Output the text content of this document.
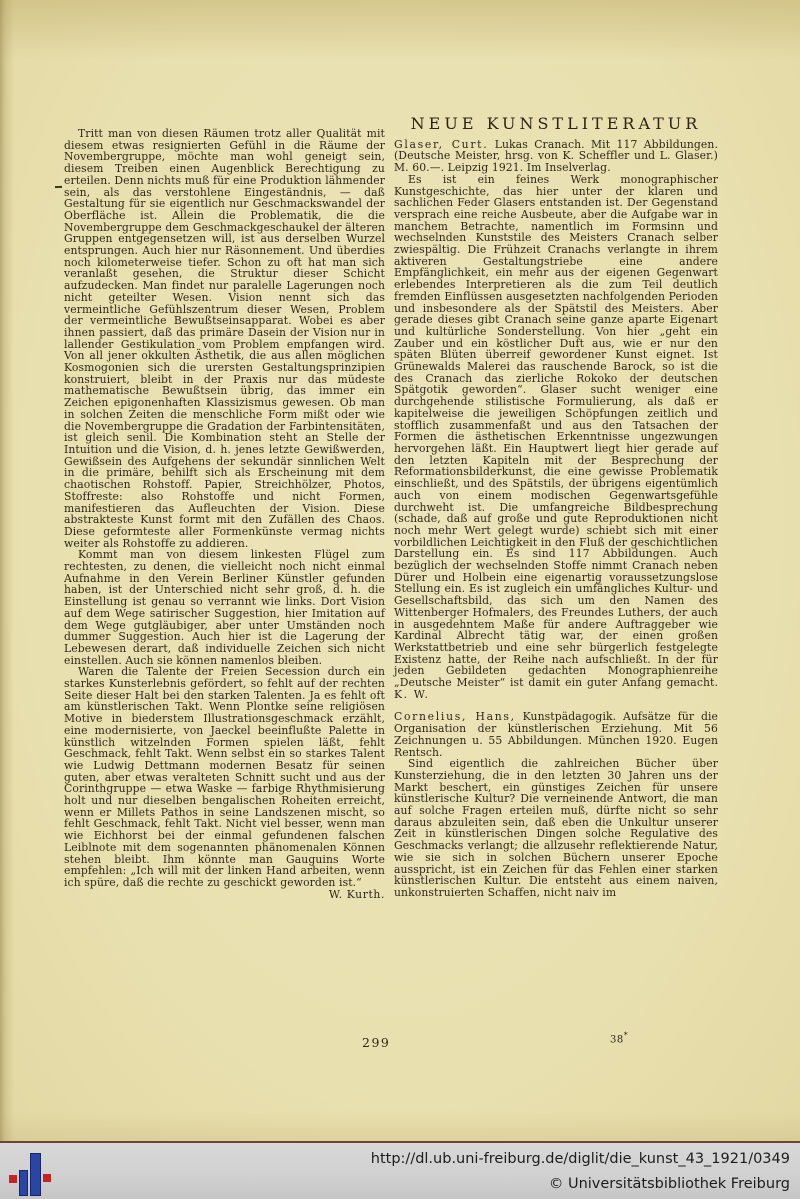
Tritt man von diesen Räumen trotz aller Qualität mit diesem etwas resignierten Gefühl in die Räume der Novembergruppe, möchte man wohl geneigt sein, diesem Treiben einen Augenblick Berechtigung zu erteilen. Denn nichts muß für eine Produktion lähmender sein, als das verstohlene Eingeständnis, — daß Gestaltung für sie eigentlich nur Geschmackswandel der Oberfläche ist. Allein die Problematik, die die Novembergruppe dem Geschmackgeschaukel der älteren Gruppen entgegensetzen will, ist aus derselben Wurzel entsprungen. Auch hier nur Räsonnement. Und überdies noch kilometerweise tiefer. Schon zu oft hat man sich veranlaßt gesehen, die Struktur dieser Schicht aufzudecken. Man findet nur paralelle Lagerungen noch nicht geteilter Wesen. Vision nennt sich das vermeintliche Gefühlszentrum dieser Wesen, Problem der vermeintliche Bewußtseinsapparat. Wobei es aber ihnen passiert, daß das primäre Dasein der Vision nur in lallender Gestikulation vom Problem empfangen wird. Von all jener okkulten Ästhetik, die aus allen möglichen Kosmogonien sich die urersten Gestaltungsprinzipien konstruiert, bleibt in der Praxis nur das müdeste mathematische Bewußtsein übrig, das immer ein Zeichen epigonenhaften Klassizismus gewesen. Ob man in solchen Zeiten die menschliche Form mißt oder wie die Novembergruppe die Gradation der Farbintensitäten, ist gleich senil. Die Kombination steht an Stelle der Intuition und die Vision, d. h. jenes letzte Gewißwerden, Gewißsein des Aufgehens der sekundär sinnlichen Welt in die primäre, behilft sich als Erscheinung mit dem chaotischen Rohstoff. Papier, Streichhölzer, Photos, Stoffreste: also Rohstoffe und nicht Formen, manifestieren das Aufleuchten der Vision. Diese abstrakteste Kunst formt mit den Zufällen des Chaos. Diese geformteste aller Formenkünste vermag nichts weiter als Rohstoffe zu addieren.

Kommt man von diesem linkesten Flügel zum rechtesten, zu denen, die vielleicht noch nicht einmal Aufnahme in den Verein Berliner Künstler gefunden haben, ist der Unterschied nicht sehr groß, d. h. die Einstellung ist genau so verrannt wie links. Dort Vision auf dem Wege satirischer Suggestion, hier Imitation auf dem Wege gutgläubiger, aber unter Umständen noch dummer Suggestion. Auch hier ist die Lagerung der Lebewesen derart, daß individuelle Zeichen sich nicht einstellen. Auch sie können namenlos bleiben.

Waren die Talente der Freien Secession durch ein starkes Kunsterlebnis gefördert, so fehlt auf der rechten Seite dieser Halt bei den starken Talenten. Ja es fehlt oft am künstlerischen Takt. Wenn Plontke seine religiösen Motive in biederstem Illustrationsgeschmack erzählt, eine modernisierte, von Jaeckel beeinflußte Palette in künstlich witzelnden Formen spielen läßt, fehlt Geschmack, fehlt Takt. Wenn selbst ein so starkes Talent wie Ludwig Dettmann modernen Besatz für seinen guten, aber etwas veralteten Schnitt sucht und aus der Corinthgruppe — etwa Waske — farbige Rhythmisierung holt und nur dieselben bengalischen Roheiten erreicht, wenn er Millets Pathos in seine Landszenen mischt, so fehlt Geschmack, fehlt Takt. Nicht viel besser, wenn man wie Eichhorst bei der einmal gefundenen falschen Leiblnote mit dem sogenannten phänomenalen Können stehen bleibt. Ihm könnte man Gauguins Worte empfehlen: „Ich will mit der linken Hand arbeiten, wenn ich spüre, daß die rechte zu geschickt geworden ist.“
W. Kurth.

NEUE KUNSTLITERATUR

Glaser, Curt. Lukas Cranach. Mit 117 Abbildungen. (Deutsche Meister, hrsg. von K. Scheffler und L. Glaser.) M. 60.—. Leipzig 1921. Im Inselverlag.

Es ist ein feines Werk monographischer Kunstgeschichte, das hier unter der klaren und sachlichen Feder Glasers entstanden ist. Der Gegenstand versprach eine reiche Ausbeute, aber die Aufgabe war in manchem Betrachte, namentlich im Formsinn und wechselnden Kunststile des Meisters Cranach selber zwiespältig. Die Frühzeit Cranachs verlangte in ihrem aktiveren Gestaltungstriebe eine andere Empfänglichkeit, ein mehr aus der eigenen Gegenwart erlebendes Interpretieren als die zum Teil deutlich fremden Einflüssen ausgesetzten nachfolgenden Perioden und insbesondere als der Spätstil des Meisters. Aber gerade dieses gibt Cranach seine ganze aparte Eigenart und kultürliche Sonderstellung. Von hier „geht ein Zauber und ein köstlicher Duft aus, wie er nur den späten Blüten überreif gewordener Kunst eignet. Ist Grünewalds Malerei das rauschende Barock, so ist die des Cranach das zierliche Rokoko der deutschen Spätgotik geworden“. Glaser sucht weniger eine durchgehende stilistische Formulierung, als daß er kapitelweise die jeweiligen Schöpfungen zeitlich und stofflich zusammenfaßt und aus den Tatsachen der Formen die ästhetischen Erkenntnisse ungezwungen hervorgehen läßt. Ein Hauptwert liegt hier gerade auf den letzten Kapiteln mit der Besprechung der Reformationsbilderkunst, die eine gewisse Problematik einschließt, und des Spätstils, der übrigens eigentümlich auch von einem modischen Gegenwartsgefühle durchweht ist. Die umfangreiche Bildbesprechung (schade, daß auf große und gute Reproduktionen nicht noch mehr Wert gelegt wurde) schiebt sich mit einer vorbildlichen Leichtigkeit in den Fluß der geschichtlichen Darstellung ein. Es sind 117 Abbildungen. Auch bezüglich der wechselnden Stoffe nimmt Cranach neben Dürer und Holbein eine eigenartig voraussetzungslose Stellung ein. Es ist zugleich ein umfängliches Kultur- und Gesellschaftsbild, das sich um den Namen des Wittenberger Hofmalers, des Freundes Luthers, der auch in ausgedehntem Maße für andere Auftraggeber wie Kardinal Albrecht tätig war, der einen großen Werkstattbetrieb und eine sehr bürgerlich festgelegte Existenz hatte, der Reihe nach aufschließt. In der für jeden Gebildeten gedachten Monographienreihe „Deutsche Meister“ ist damit ein guter Anfang gemacht. K. W.

Cornelius, Hans, Kunstpädagogik. Aufsätze für die Organisation der künstlerischen Erziehung. Mit 56 Zeichnungen u. 55 Abbildungen. München 1920. Eugen Rentsch.

Sind eigentlich die zahlreichen Bücher über Kunsterziehung, die in den letzten 30 Jahren uns der Markt beschert, ein günstiges Zeichen für unsere künstlerische Kultur? Die verneinende Antwort, die man auf solche Fragen erteilen muß, dürfte nicht so sehr daraus abzuleiten sein, daß eben die Unkultur unserer Zeit in künstlerischen Dingen solche Regulative des Geschmacks verlangt; die allzusehr reflektierende Natur, wie sie sich in solchen Büchern unserer Epoche ausspricht, ist ein Zeichen für das Fehlen einer starken künstlerischen Kultur. Die entsteht aus einem naiven, unkonstruierten Schaffen, nicht naiv im

299	38*
http://dl.ub.uni-freiburg.de/diglit/die_kunst_43_1921/0349
© Universitätsbibliothek Freiburg
